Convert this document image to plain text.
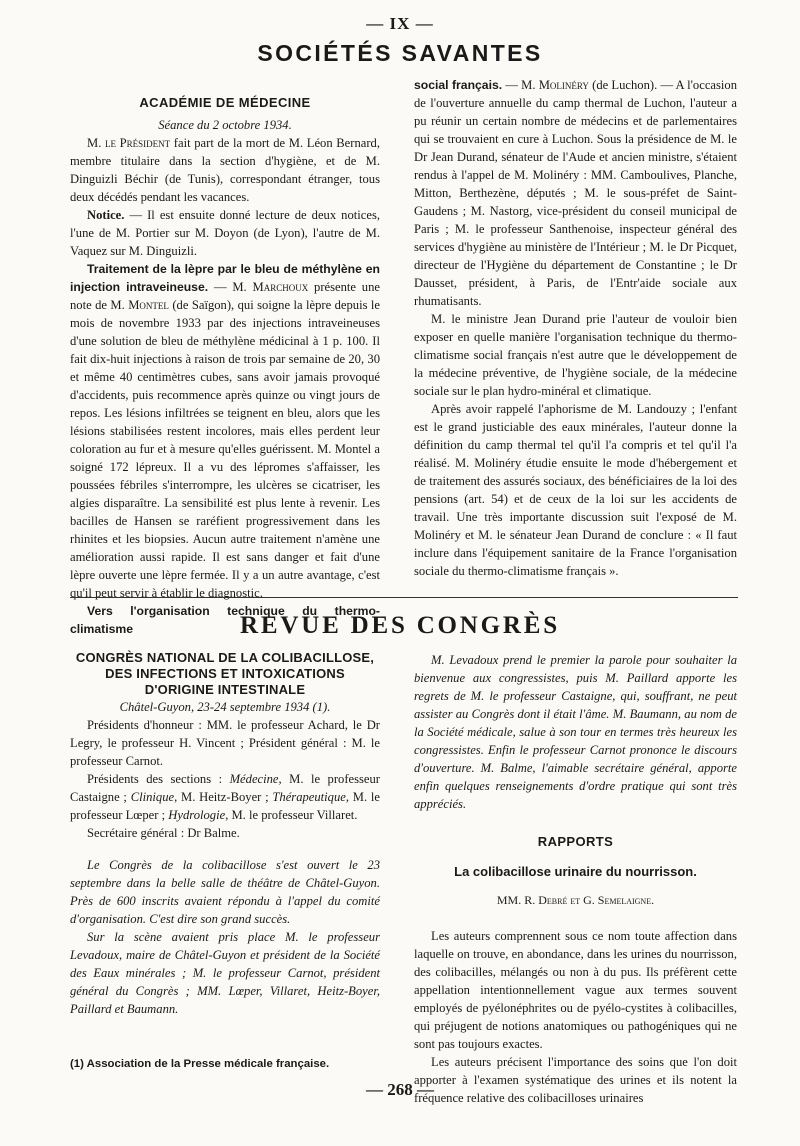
— IX —
SOCIÉTÉS SAVANTES
ACADÉMIE DE MÉDECINE

Séance du 2 octobre 1934.

M. le Président fait part de la mort de M. Léon Bernard, membre titulaire dans la section d'hygiène, et de M. Dinguizli Béchir (de Tunis), correspondant étranger, tous deux décédés pendant les vacances.

Notice. — Il est ensuite donné lecture de deux notices, l'une de M. Portier sur M. Doyon (de Lyon), l'autre de M. Vaquez sur M. Dinguizli.

Traitement de la lèpre par le bleu de méthylène en injection intraveineuse. — M. Marchoux présente une note de M. Montel (de Saïgon), qui soigne la lèpre depuis le mois de novembre 1933 par des injections intraveineuses d'une solution de bleu de méthylène médicinal à 1 p. 100. Il fait dix-huit injections à raison de trois par semaine de 20, 30 et même 40 centimètres cubes, sans avoir jamais provoqué d'accidents, puis recommence après quinze ou vingt jours de repos. Les lésions infiltrées se teignent en bleu, alors que les lésions stabilisées restent incolores, mais elles perdent leur coloration au fur et à mesure qu'elles guérissent. M. Montel a soigné 172 lépreux. Il a vu des lépromes s'affaisser, les poussées fébriles s'interrompre, les ulcères se cicatriser, les algies disparaître. La sensibilité est plus lente à revenir. Les bacilles de Hansen se raréfient progressivement dans les rhinites et les biopsies. Aucun autre traitement n'amène une amélioration aussi rapide. Il est sans danger et fait d'une lèpre ouverte une lèpre fermée. Il y a un autre avantage, c'est qu'il peut servir à établir le diagnostic.

Vers l'organisation technique du thermo-climatisme

social français. — M. Molinéry (de Luchon). — A l'occasion de l'ouverture annuelle du camp thermal de Luchon, l'auteur a pu réunir un certain nombre de médecins et de parlementaires qui se trouvaient en cure à Luchon. Sous la présidence de M. le Dr Jean Durand, sénateur de l'Aude et ancien ministre, s'étaient rendus à l'appel de M. Molinéry : MM. Camboulives, Planche, Mitton, Berthezène, députés ; M. le sous-préfet de Saint-Gaudens ; M. Nastorg, vice-président du conseil municipal de Paris ; M. le professeur Santhenoise, inspecteur général des services d'hygiène au ministère de l'Intérieur ; M. le Dr Picquet, directeur de l'Hygiène du département de Constantine ; le Dr Dausset, président, à Paris, de l'Entr'aide sociale aux rhumatisants.

M. le ministre Jean Durand prie l'auteur de vouloir bien exposer en quelle manière l'organisation technique du thermo-climatisme social français n'est autre que le développement de la médecine préventive, de l'hygiène sociale, de la médecine sociale sur le plan hydro-minéral et climatique.

Après avoir rappelé l'aphorisme de M. Landouzy ; l'enfant est le grand justiciable des eaux minérales, l'auteur donne la définition du camp thermal tel qu'il l'a compris et tel qu'il l'a réalisé. M. Molinéry étudie ensuite le mode d'hébergement et de traitement des assurés sociaux, des bénéficiaires de la loi des pensions (art. 54) et de ceux de la loi sur les accidents de travail. Une très importante discussion suit l'exposé de M. Molinéry et M. le sénateur Jean Durand de conclure : « Il faut inclure dans l'équipement sanitaire de la France l'organisation sociale du thermo-climatisme français ».

REVUE DES CONGRÈS
CONGRÈS NATIONAL DE LA COLIBACILLOSE,
DES INFECTIONS ET INTOXICATIONS
D'ORIGINE INTESTINALE

Châtel-Guyon, 23-24 septembre 1934 (1).

Présidents d'honneur : MM. le professeur Achard, le Dr Legry, le professeur H. Vincent ; Président général : M. le professeur Carnot.

Présidents des sections : Médecine, M. le professeur Castaigne ; Clinique, M. Heitz-Boyer ; Thérapeutique, M. le professeur Lœper ; Hydrologie, M. le professeur Villaret.

Secrétaire général : Dr Balme.

Le Congrès de la colibacillose s'est ouvert le 23 septembre dans la belle salle de théâtre de Châtel-Guyon. Près de 600 inscrits avaient répondu à l'appel du comité d'organisation. C'est dire son grand succès.

Sur la scène avaient pris place M. le professeur Levadoux, maire de Châtel-Guyon et président de la Société des Eaux minérales ; M. le professeur Carnot, président général du Congrès ; MM. Lœper, Villaret, Heitz-Boyer, Paillard et Baumann.

M. Levadoux prend le premier la parole pour souhaiter la bienvenue aux congressistes, puis M. Paillard apporte les regrets de M. le professeur Castaigne, qui, souffrant, ne peut assister au Congrès dont il était l'âme. M. Baumann, au nom de la Société médicale, salue à son tour en termes très heureux les congressistes. Enfin le professeur Carnot prononce le discours d'ouverture. M. Balme, l'aimable secrétaire général, apporte enfin quelques renseignements d'ordre pratique qui sont très appréciés.

RAPPORTS
La colibacillose urinaire du nourrisson.
MM. R. Debré et G. Semelaigne.

Les auteurs comprennent sous ce nom toute affection dans laquelle on trouve, en abondance, dans les urines du nourrisson, des colibacilles, mélangés ou non à du pus. Ils préfèrent cette appellation intentionnellement vague aux termes souvent employés de pyélonéphrites ou de pyélo-cystites à colibacilles, qui préjugent de notions anatomiques ou pathogéniques qui ne sont pas toujours exactes.

Les auteurs précisent l'importance des soins que l'on doit apporter à l'examen systématique des urines et ils notent la fréquence relative des colibacilloses urinaires

(1) Association de la Presse médicale française.
— 268 —
